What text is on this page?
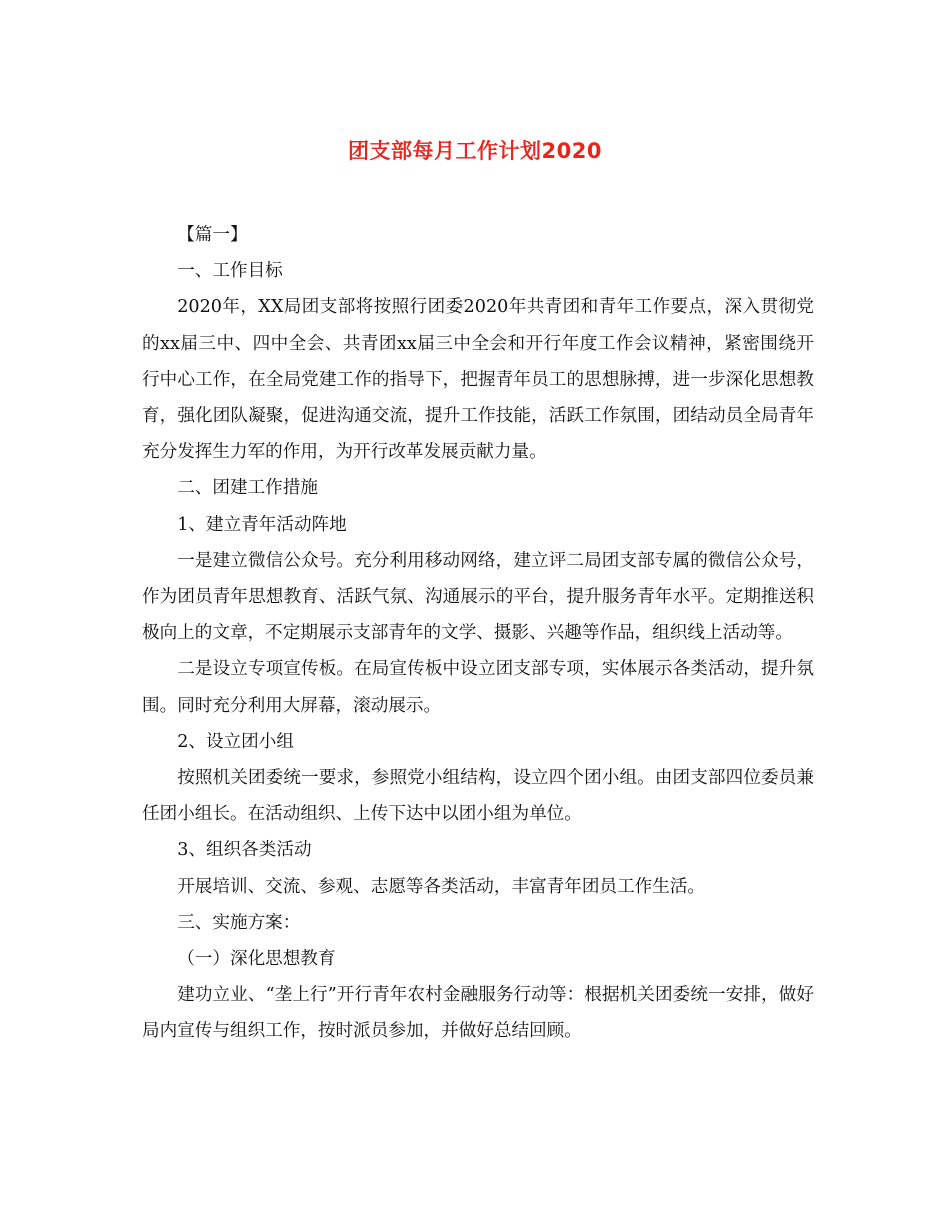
团支部每月工作计划2020

【篇一】

一、工作目标

2020年，XX局团支部将按照行团委2020年共青团和青年工作要点，深入贯彻党的xx届三中、四中全会、共青团xx届三中全会和开行年度工作会议精神，紧密围绕开行中心工作，在全局党建工作的指导下，把握青年员工的思想脉搏，进一步深化思想教育，强化团队凝聚，促进沟通交流，提升工作技能，活跃工作氛围，团结动员全局青年充分发挥生力军的作用，为开行改革发展贡献力量。

二、团建工作措施

1、建立青年活动阵地

一是建立微信公众号。充分利用移动网络，建立评二局团支部专属的微信公众号，作为团员青年思想教育、活跃气氛、沟通展示的平台，提升服务青年水平。定期推送积极向上的文章，不定期展示支部青年的文学、摄影、兴趣等作品，组织线上活动等。

二是设立专项宣传板。在局宣传板中设立团支部专项，实体展示各类活动，提升氛围。同时充分利用大屏幕，滚动展示。

2、设立团小组

按照机关团委统一要求，参照党小组结构，设立四个团小组。由团支部四位委员兼任团小组长。在活动组织、上传下达中以团小组为单位。

3、组织各类活动

开展培训、交流、参观、志愿等各类活动，丰富青年团员工作生活。

三、实施方案：

（一）深化思想教育

建功立业、“垄上行”开行青年农村金融服务行动等：根据机关团委统一安排，做好局内宣传与组织工作，按时派员参加，并做好总结回顾。
